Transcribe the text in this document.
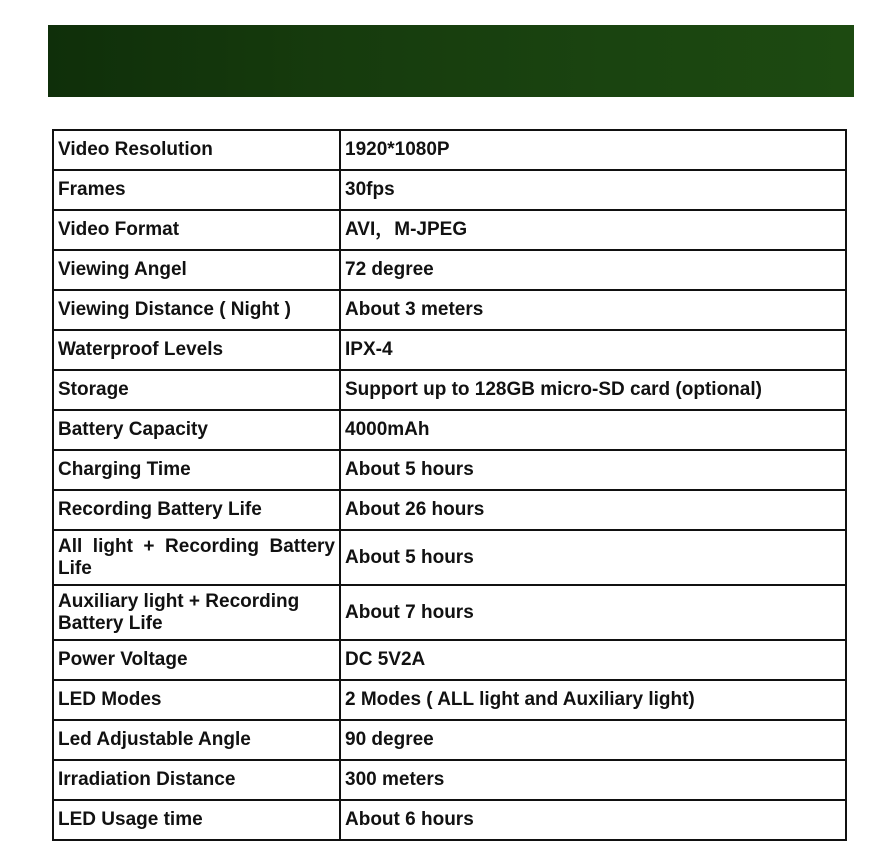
Video Resolution	1920*1080P
Frames	30fps
Video Format	AVI，M-JPEG
Viewing Angel	72 degree
Viewing Distance ( Night )	About 3 meters
Waterproof Levels	IPX-4
Storage	Support up to 128GB micro-SD card (optional)
Battery Capacity	4000mAh
Charging Time	About 5 hours
Recording Battery Life	About 26 hours
All light + Recording Battery Life	About 5 hours
Auxiliary light + Recording Battery Life	About 7 hours
Power Voltage	DC 5V2A
LED Modes	2 Modes ( ALL light and Auxiliary light)
Led Adjustable Angle	90 degree
Irradiation Distance	300 meters
LED Usage time	About 6 hours
